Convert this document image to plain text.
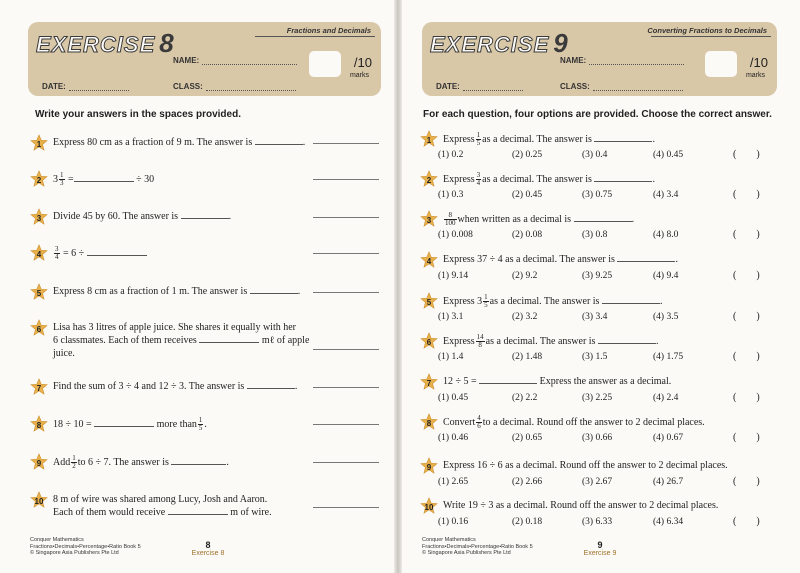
EXERCISE 8	Fractions and Decimals
NAME:
DATE:	CLASS:
/10
marks
Write your answers in the spaces provided.
1	Express 80 cm as a fraction of 9 m. The answer is	.
2	$3 \frac{1}{3}$ =	÷ 30
3	Divide 45 by 60. The answer is	.
4	$\frac{3}{4} = 6$ ÷
5	Express 8 cm as a fraction of 1 m. The answer is	.
6	Lisa has 3 litres of apple juice. She shares it equally with her
6 classmates. Each of them receives	mℓ of apple
juice.
7	Find the sum of 3 ÷ 4 and 12 ÷ 3. The answer is	.
8	18 ÷ 10 =	more than $\frac{1}{5}$ .
9	Add $\frac{1}{2}$ to 6 ÷ 7. The answer is	.
10 8 m of wire was shared among Lucy, Josh and Aaron.
Each of them would receive	m of wire.
Conquer Mathematics
Fractions•Decimals•Percentage•Ratio Book 5
© Singapore Asia Publishers Pte Ltd
8
Exercise 8
EXERCISE 9	Converting Fractions to Decimals
NAME:
DATE:	CLASS:
/10
marks
For each question, four options are provided. Choose the correct answer.
1	Express $\frac{1}{5}$ as a decimal. The answer is	.
(1) 0.2	(2) 0.25	(3) 0.4	(4) 0.45	(        )
2	Express $\frac{3}{4}$ as a decimal. The answer is	.
(1) 0.3	(2) 0.45	(3) 0.75	(4) 3.4	(        )
3	$\frac{8}{100}$ when written as a decimal is	.
(1) 0.008	(2) 0.08	(3) 0.8	(4) 8.0	(        )
4	Express 37 ÷ 4 as a decimal. The answer is	.
(1) 9.14	(2) 9.2	(3) 9.25	(4) 9.4	(        )
5	Express $3 \frac{1}{5}$ as a decimal. The answer is	.
(1) 3.1	(2) 3.2	(3) 3.4	(4) 3.5	(        )
6	Express $\frac{14}{8}$ as a decimal. The answer is	.
(1) 1.4	(2) 1.48	(3) 1.5	(4) 1.75	(        )
7	12 ÷ 5 =	Express the answer as a decimal.
(1) 0.45	(2) 2.2	(3) 2.25	(4) 2.4	(        )
8	Convert $\frac{4}{6}$ to a decimal. Round off the answer to 2 decimal places.
(1) 0.46	(2) 0.65	(3) 0.66	(4) 0.67	(        )
9	Express 16 ÷ 6 as a decimal. Round off the answer to 2 decimal places.
(1) 2.65	(2) 2.66	(3) 2.67	(4) 26.7	(        )
10 Write 19 ÷ 3 as a decimal. Round off the answer to 2 decimal places.
(1) 0.16	(2) 0.18	(3) 6.33	(4) 6.34	(        )
Conquer Mathematics
Fractions•Decimals•Percentage•Ratio Book 5
© Singapore Asia Publishers Pte Ltd
9
Exercise 9
